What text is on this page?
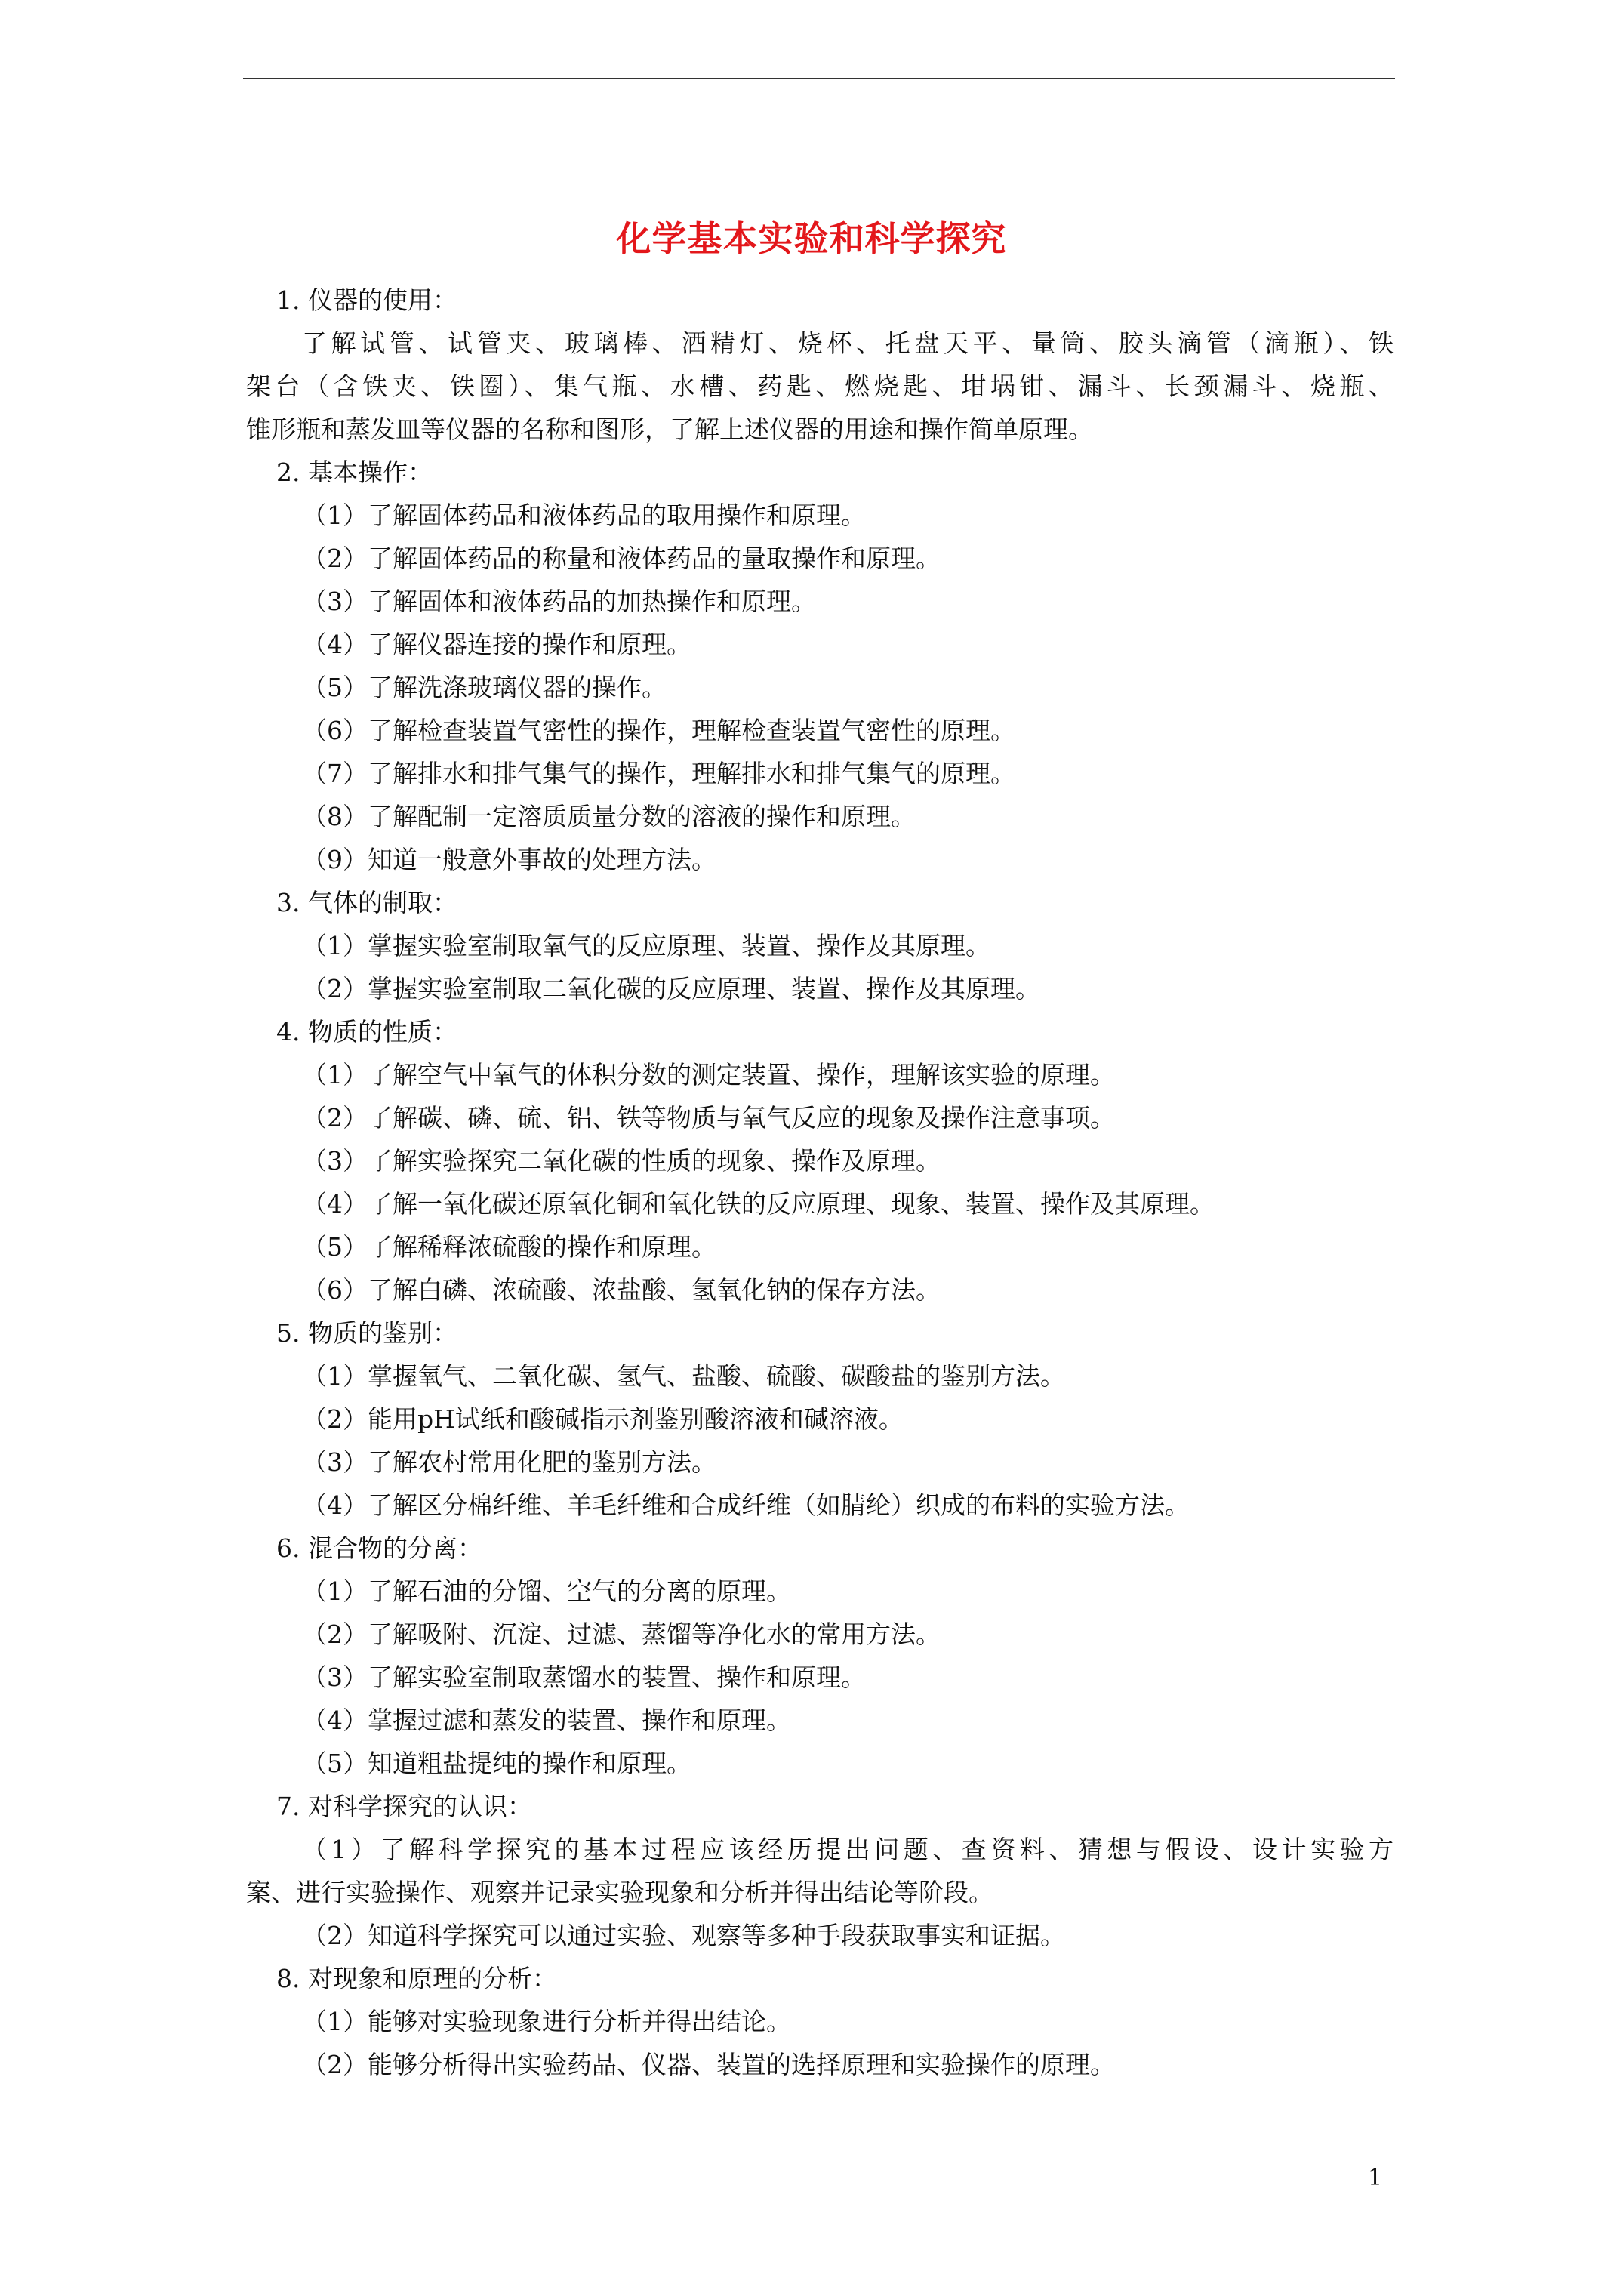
化学基本实验和科学探究
1. 仪器的使用：
了解试管、试管夹、玻璃棒、酒精灯、烧杯、托盘天平、量筒、胶头滴管（滴瓶）、铁
架台（含铁夹、铁圈）、集气瓶、水槽、药匙、燃烧匙、坩埚钳、漏斗、长颈漏斗、烧瓶、
锥形瓶和蒸发皿等仪器的名称和图形，了解上述仪器的用途和操作简单原理。
2. 基本操作：
（1）了解固体药品和液体药品的取用操作和原理。
（2）了解固体药品的称量和液体药品的量取操作和原理。
（3）了解固体和液体药品的加热操作和原理。
（4）了解仪器连接的操作和原理。
（5）了解洗涤玻璃仪器的操作。
（6）了解检查装置气密性的操作，理解检查装置气密性的原理。
（7）了解排水和排气集气的操作，理解排水和排气集气的原理。
（8）了解配制一定溶质质量分数的溶液的操作和原理。
（9）知道一般意外事故的处理方法。
3. 气体的制取：
（1）掌握实验室制取氧气的反应原理、装置、操作及其原理。
（2）掌握实验室制取二氧化碳的反应原理、装置、操作及其原理。
4. 物质的性质：
（1）了解空气中氧气的体积分数的测定装置、操作，理解该实验的原理。
（2）了解碳、磷、硫、铝、铁等物质与氧气反应的现象及操作注意事项。
（3）了解实验探究二氧化碳的性质的现象、操作及原理。
（4）了解一氧化碳还原氧化铜和氧化铁的反应原理、现象、装置、操作及其原理。
（5）了解稀释浓硫酸的操作和原理。
（6）了解白磷、浓硫酸、浓盐酸、氢氧化钠的保存方法。
5. 物质的鉴别：
（1）掌握氧气、二氧化碳、氢气、盐酸、硫酸、碳酸盐的鉴别方法。
（2）能用pH试纸和酸碱指示剂鉴别酸溶液和碱溶液。
（3）了解农村常用化肥的鉴别方法。
（4）了解区分棉纤维、羊毛纤维和合成纤维（如腈纶）织成的布料的实验方法。
6. 混合物的分离：
（1）了解石油的分馏、空气的分离的原理。
（2）了解吸附、沉淀、过滤、蒸馏等净化水的常用方法。
（3）了解实验室制取蒸馏水的装置、操作和原理。
（4）掌握过滤和蒸发的装置、操作和原理。
（5）知道粗盐提纯的操作和原理。
7. 对科学探究的认识：
（1）了解科学探究的基本过程应该经历提出问题、查资料、猜想与假设、设计实验方
案、进行实验操作、观察并记录实验现象和分析并得出结论等阶段。
（2）知道科学探究可以通过实验、观察等多种手段获取事实和证据。
8. 对现象和原理的分析：
（1）能够对实验现象进行分析并得出结论。
（2）能够分析得出实验药品、仪器、装置的选择原理和实验操作的原理。
1
